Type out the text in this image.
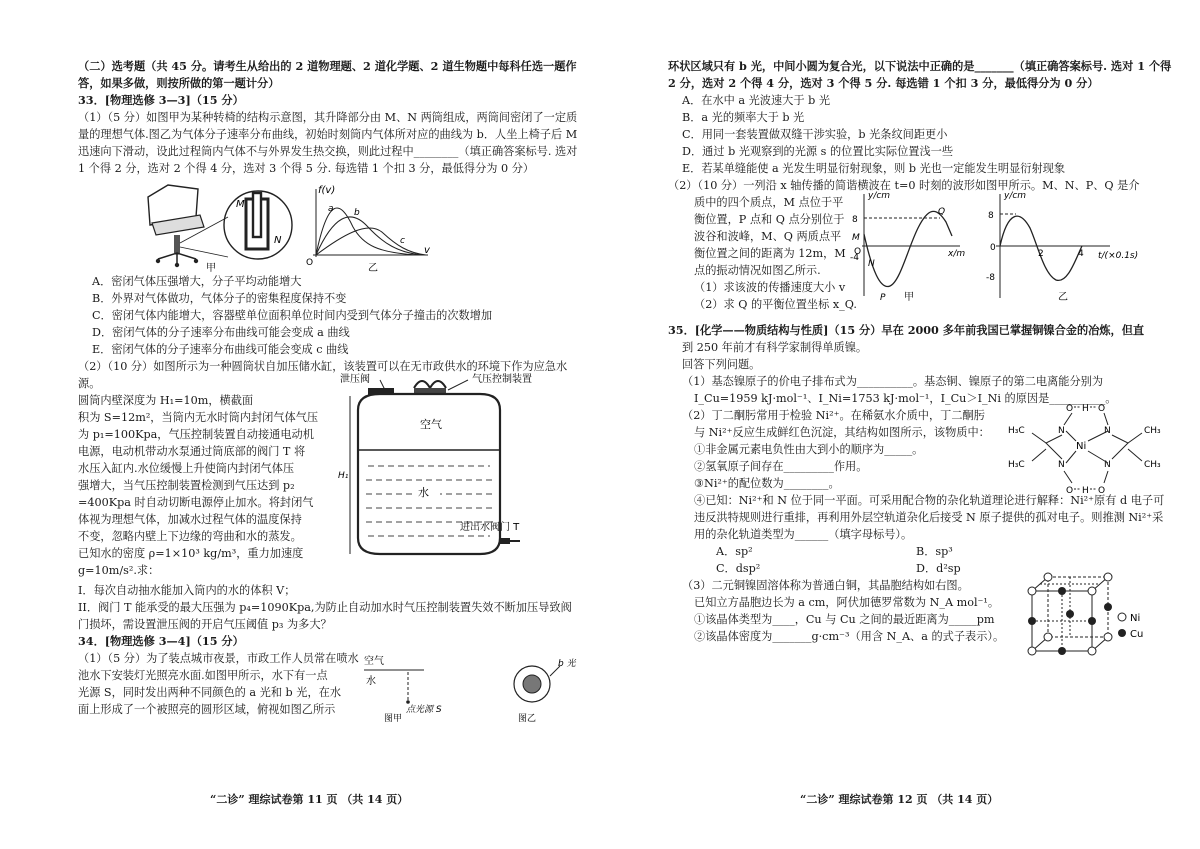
（二）选考题（共 45 分。请考生从给出的 2 道物理题、2 道化学题、2 道生物题中每科任选一题作答，如果多做，则按所做的第一题计分）

33．[物理选修 3—3]（15 分）

（1）（5 分）如图甲为某种转椅的结构示意图，其升降部分由 M、N 两筒组成，两筒间密闭了一定质量的理想气体.图乙为气体分子速率分布曲线，初始时刻筒内气体所对应的曲线为 b．人坐上椅子后 M 迅速向下滑动，设此过程筒内气体不与外界发生热交换，则此过程中________（填正确答案标号. 选对 1 个得 2 分，选对 2 个得 4 分，选对 3 个得 5 分. 每选错 1 个扣 3 分，最低得分为 0 分）

M
N
甲
f(v)
O
v
a b
c
乙

A．密闭气体压强增大，分子平均动能增大

B．外界对气体做功，气体分子的密集程度保持不变

C．密闭气体内能增大，容器壁单位面积单位时间内受到气体分子撞击的次数增加

D．密闭气体的分子速率分布曲线可能会变成 a 曲线

E．密闭气体的分子速率分布曲线可能会变成 c 曲线

（2）（10 分）如图所示为一种圆筒状自加压储水缸，该装置可以在无市政供水的环境下作为应急水源。

圆筒内壁深度为 H₁=10m，横截面

积为 S=12m²，当筒内无水时筒内封闭气体气压

为 p₁=100Kpa，气压控制装置自动接通电动机

电源，电动机带动水泵通过筒底部的阀门 T 将

水压入缸内.水位缓慢上升使筒内封闭气体压

强增大，当气压控制装置检测到气压达到 p₂

=400Kpa 时自动切断电源停止加水。将封闭气

体视为理想气体，加减水过程气体的温度保持

不变，忽略内壁上下边缘的弯曲和水的蒸发。

已知水的密度 ρ=1×10³ kg/m³，重力加速度

g=10m/s².求：

泄压阀	气压控制装置
水
空气
H₁
进出水阀门 T

I．每次自动抽水能加入筒内的水的体积 V；

II．阀门 T 能承受的最大压强为 p₄=1090Kpa,为防止自动加水时气压控制装置失效不断加压导致阀门损坏，需设置泄压阀的开启气压阈值 p₃ 为多大？

34．[物理选修 3—4]（15 分）

（1）（5 分）为了装点城市夜景，市政工作人员常在喷水

池水下安装灯光照亮水面.如图甲所示，水下有一点

光源 S，同时发出两种不同颜色的 a 光和 b 光，在水

面上形成了一个被照亮的圆形区域，俯视如图乙所示

空气
水
点光源 S
图甲
b 光
图乙
“二诊” 理综试卷第 11 页 （共 14 页）

环状区域只有 b 光，中间小圆为复合光，以下说法中正确的是_______（填正确答案标号. 选对 1 个得 2 分，选对 2 个得 4 分，选对 3 个得 5 分. 每选错 1 个扣 3 分，最低得分为 0 分）

A．在水中 a 光波速大于 b 光

B．a 光的频率大于 b 光

C．用同一套装置做双缝干涉实验，b 光条纹间距更小

D．通过 b 光观察到的光源 s 的位置比实际位置浅一些

E．若某单缝能使 a 光发生明显衍射现象，则 b 光也一定能发生明显衍射现象

（2）（10 分）一列沿 x 轴传播的简谐横波在 t=0 时刻的波形如图甲所示。M、N、P、Q 是介

质中的四个质点，M 点位于平

衡位置，P 点和 Q 点分别位于

波谷和波峰，M、Q 两质点平

衡位置之间的距离为 12m，M

点的振动情况如图乙所示.

（1）求该波的传播速度大小 v

（2）求 Q 的平衡位置坐标 x_Q.

y/cm
8
-4
M
N
P
Q
x/m
O
甲
y/cm
8
0
-8
2	4 t/(×0.1s)
乙

35．[化学——物质结构与性质]（15 分）早在 2000 多年前我国已掌握铜镍合金的冶炼，但直

到 250 年前才有科学家制得单质镍。

回答下列问题。

（1）基态镍原子的价电子排布式为__________。基态铜、镍原子的第二电离能分别为

I_Cu=1959 kJ·mol⁻¹、I_Ni=1753 kJ·mol⁻¹，I_Cu＞I_Ni 的原因是__________。

（2）丁二酮肟常用于检验 Ni²⁺。在稀氨水介质中，丁二酮肟

与 Ni²⁺反应生成鲜红色沉淀，其结构如图所示，该物质中：

①非金属元素电负性由大到小的顺序为_____。

②氢氧原子间存在_________作用。

③Ni²⁺的配位数为________。

Ni
O H O
O H O
N	N
N	N
H₃C	CH₃
H₃C	CH₃

④已知：Ni²⁺和 N 位于同一平面。可采用配合物的杂化轨道理论进行解释：Ni²⁺原有 d 电子可违反洪特规则进行重排，再利用外层空轨道杂化后接受 N 原子提供的孤对电子。则推测 Ni²⁺采用的杂化轨道类型为______（填字母标号）。

A．sp²	B．sp³
C．dsp²	D．d²sp

（3）二元铜镍固溶体称为普通白铜，其晶胞结构如右图。

已知立方晶胞边长为 a cm，阿伏加德罗常数为 N_A mol⁻¹。

①该晶体类型为____，Cu 与 Cu 之间的最近距离为_____pm

②该晶体密度为_______g·cm⁻³（用含 N_A、a 的式子表示）。

Ni
Cu
“二诊” 理综试卷第 12 页 （共 14 页）
